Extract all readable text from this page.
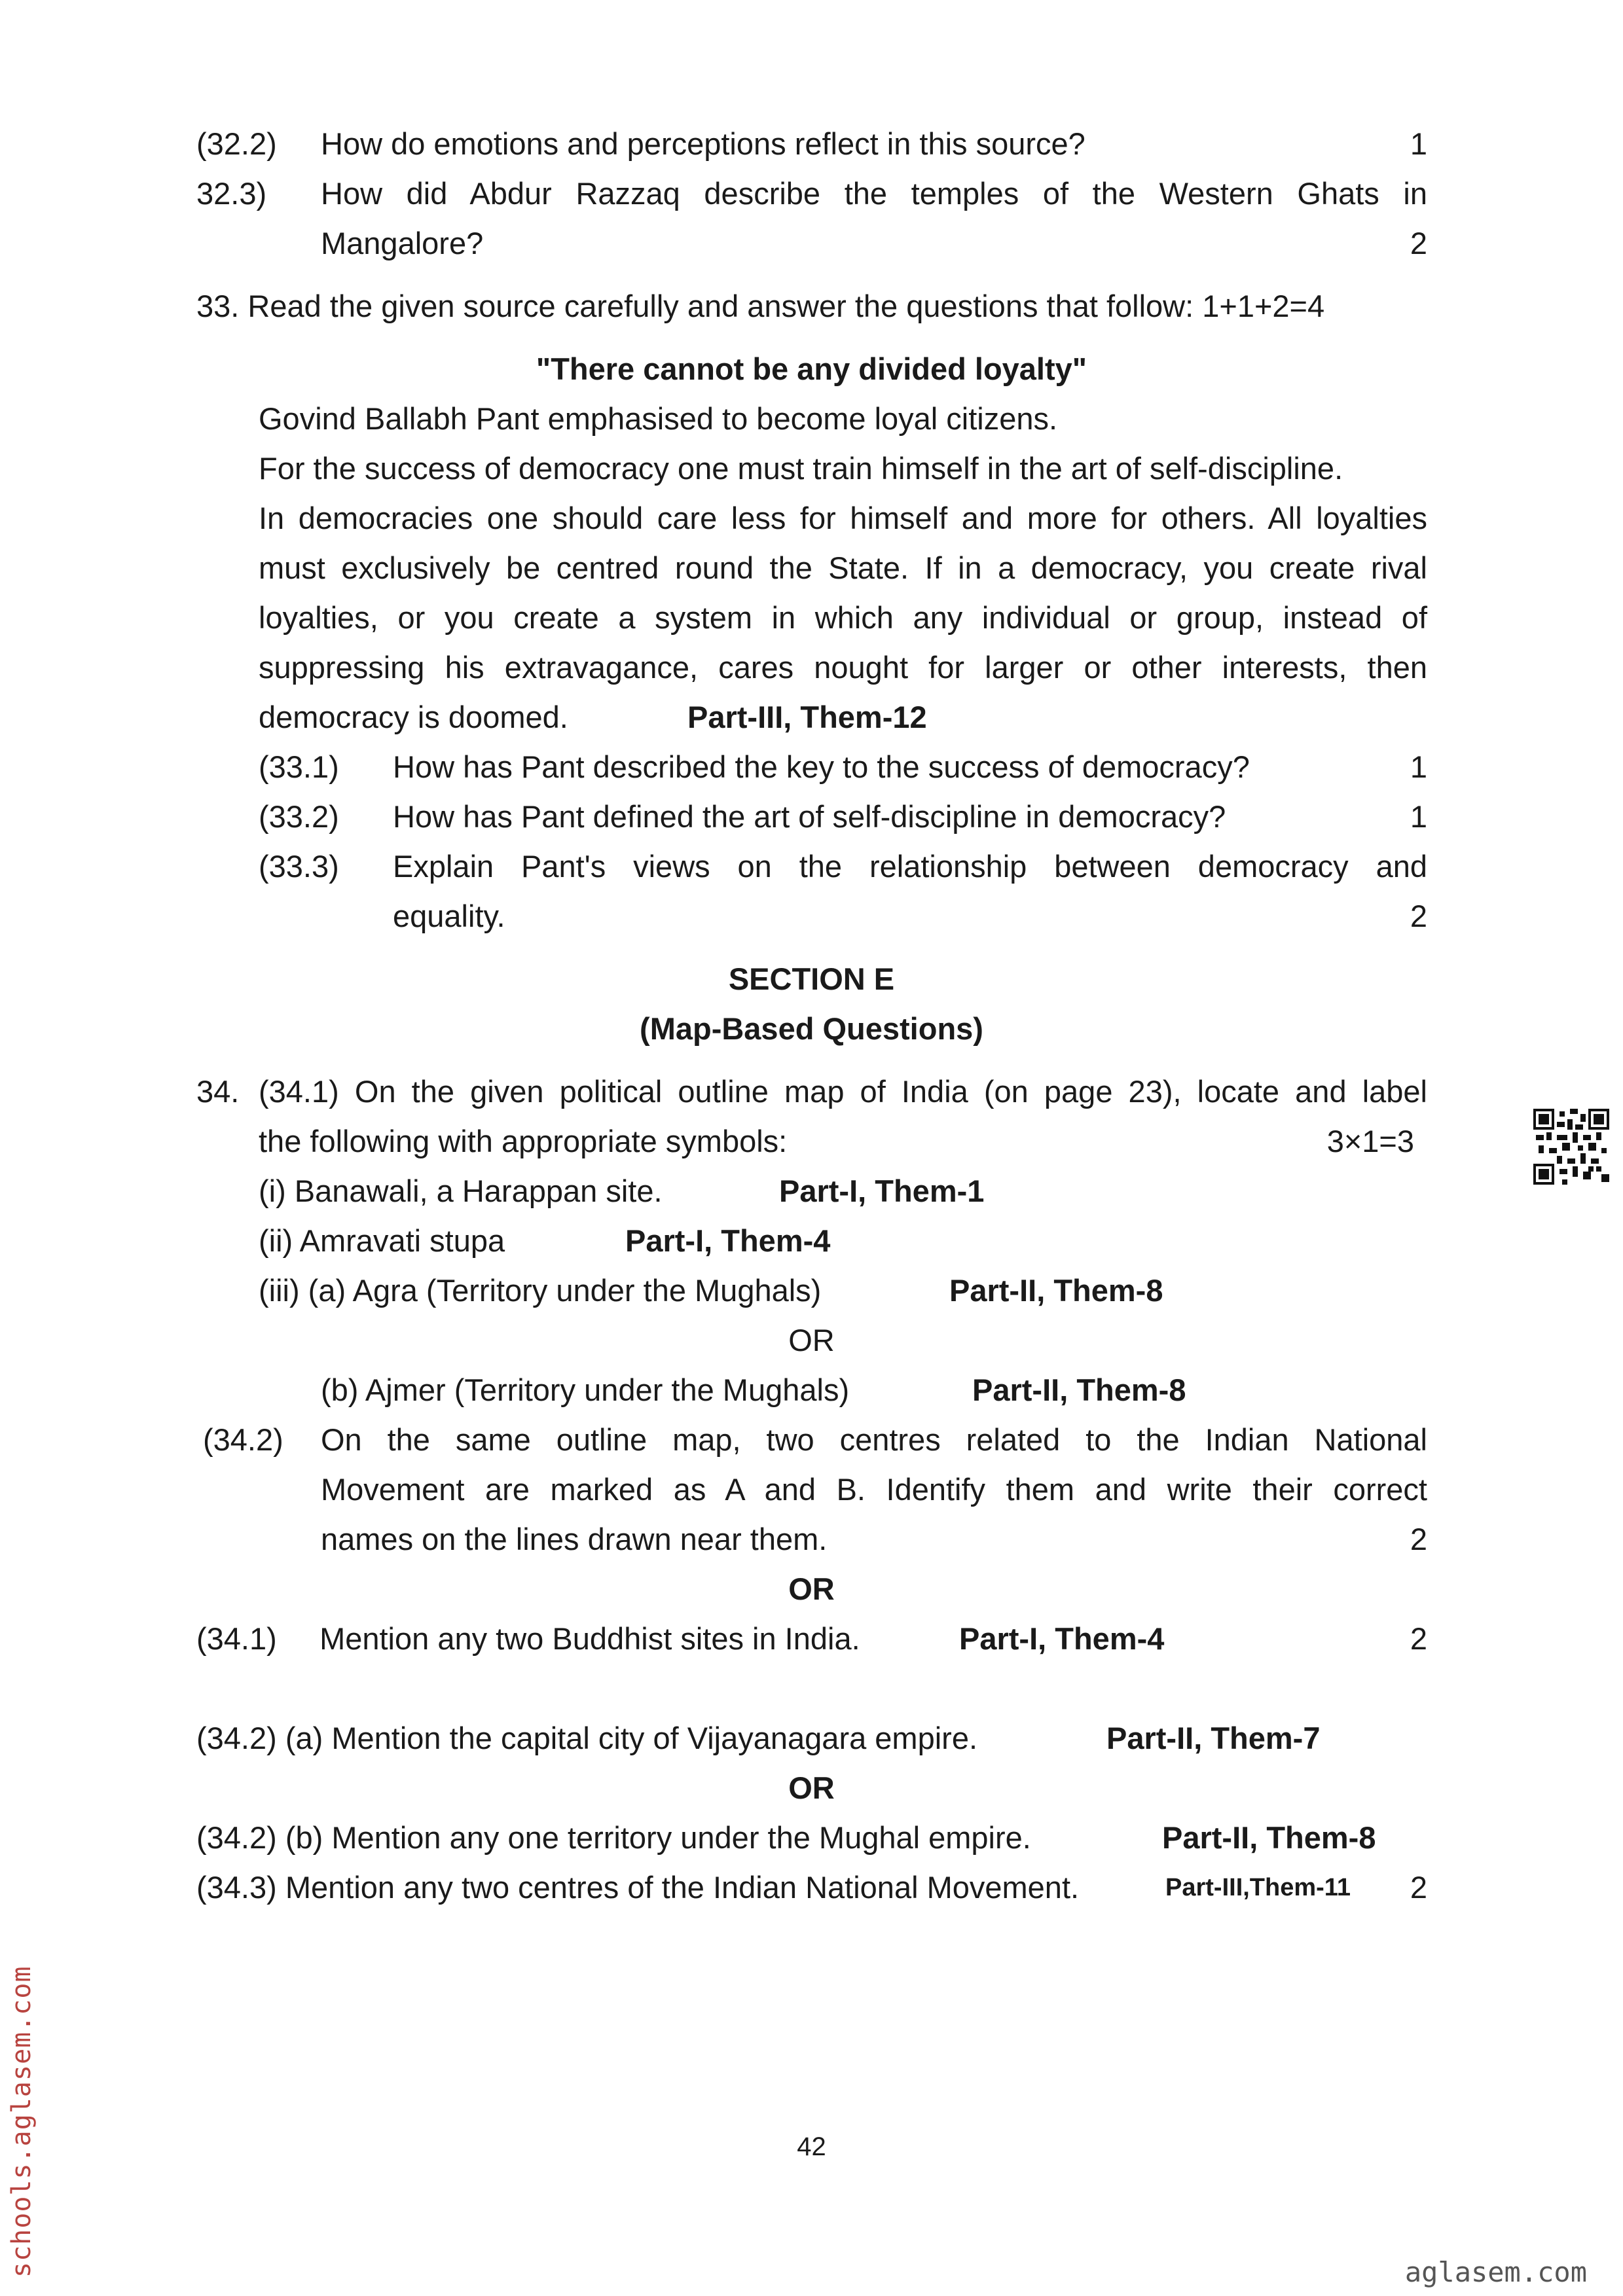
(32.2) How do emotions and perceptions reflect in this source?	1
32.3) How did Abdur Razzaq describe the temples of the Western Ghats in
Mangalore?	2
33. Read the given source carefully and answer the questions that follow: 1+1+2=4
"There cannot be any divided loyalty"
Govind Ballabh Pant emphasised to become loyal citizens.
For the success of democracy one must train himself in the art of self-discipline.
In democracies one should care less for himself and more for others. All loyalties
must exclusively be centred round the State. If in a democracy, you create rival
loyalties, or you create a system in which any individual or group, instead of
suppressing his extravagance, cares nought for larger or other interests, then
democracy is doomed.	Part-III, Them-12
(33.1) How has Pant described the key to the success of democracy?	1
(33.2) How has Pant defined the art of self-discipline in democracy?	1
(33.3) Explain Pant's views on the relationship between democracy and
equality.	2
SECTION E
(Map-Based Questions)
34. (34.1) On the given political outline map of India (on page 23), locate and label
the following with appropriate symbols:	3×1=3
(i) Banawali, a Harappan site.	Part-I, Them-1
(ii) Amravati stupa	Part-I, Them-4
(iii) (a) Agra (Territory under the Mughals)	Part-II, Them-8
OR
(b) Ajmer (Territory under the Mughals)	Part-II, Them-8
(34.2) On the same outline map, two centres related to the Indian National
Movement are marked as A and B. Identify them and write their correct
names on the lines drawn near them.	2
OR
(34.1)     Mention any two Buddhist sites in India.	Part-I, Them-4	2
(34.2) (a) Mention the capital city of Vijayanagara empire.	Part-II, Them-7
OR
(34.2) (b) Mention any one territory under the Mughal empire.	Part-II, Them-8
(34.3) Mention any two centres of the Indian National Movement.	Part-III,Them-11	2
42
schools.aglasem.com	aglasem.com
